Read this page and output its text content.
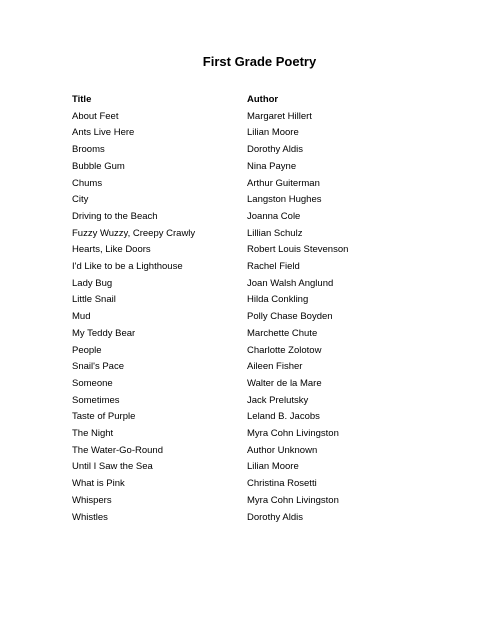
First Grade Poetry
Title	Author
About Feet	Margaret Hillert
Ants Live Here	Lilian Moore
Brooms	Dorothy Aldis
Bubble Gum	Nina Payne
Chums	Arthur Guiterman
City	Langston Hughes
Driving to the Beach	Joanna Cole
Fuzzy Wuzzy, Creepy Crawly	Lillian Schulz
Hearts, Like Doors	Robert Louis Stevenson
I'd Like to be a Lighthouse	Rachel Field
Lady Bug	Joan Walsh Anglund
Little Snail	Hilda Conkling
Mud	Polly Chase Boyden
My Teddy Bear	Marchette Chute
People	Charlotte Zolotow
Snail's Pace	Aileen Fisher
Someone	Walter de la Mare
Sometimes	Jack Prelutsky
Taste of Purple	Leland B. Jacobs
The Night	Myra Cohn Livingston
The Water-Go-Round	Author Unknown
Until I Saw the Sea	Lilian Moore
What is Pink	Christina Rosetti
Whispers	Myra Cohn Livingston
Whistles	Dorothy Aldis
